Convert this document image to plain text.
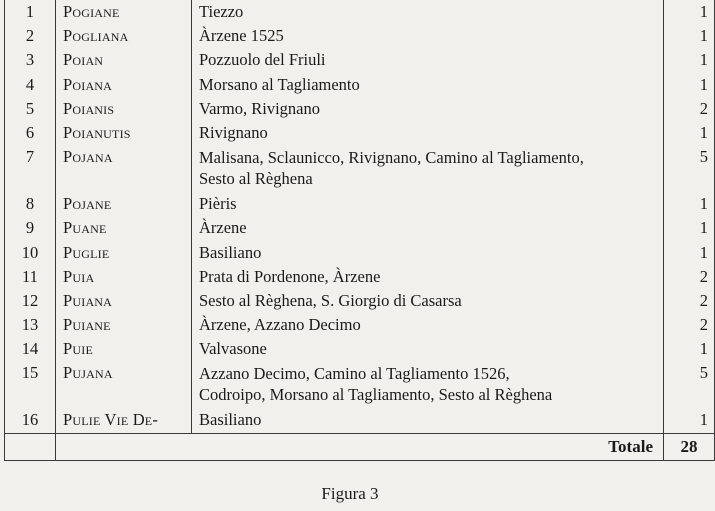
1	Pogiane	Tiezzo	1
2	Pogliana	Àrzene 1525	1
3	Poian	Pozzuolo del Friuli	1
4	Poiana	Morsano al Tagliamento	1
5	Poianis	Varmo, Rivignano	2
6	Poianutis	Rivignano	1
7	Pojana	Malisana, Sclaunicco, Rivignano, Camino al Tagliamento,
Sesto al Règhena	5
8	Pojane	Pièris	1
9	Puane	Àrzene	1
10	Puglie	Basiliano	1
11	Puia	Prata di Pordenone, Àrzene	2
12	Puiana	Sesto al Règhena, S. Giorgio di Casarsa	2
13	Puiane	Àrzene, Azzano Decimo	2
14	Puie	Valvasone	1
15	Pujana	Azzano Decimo, Camino al Tagliamento 1526,
Codroipo, Morsano al Tagliamento, Sesto al Règhena	5
16	Pulie Vie De-	Basiliano	1
		Totale	28
Figura 3
